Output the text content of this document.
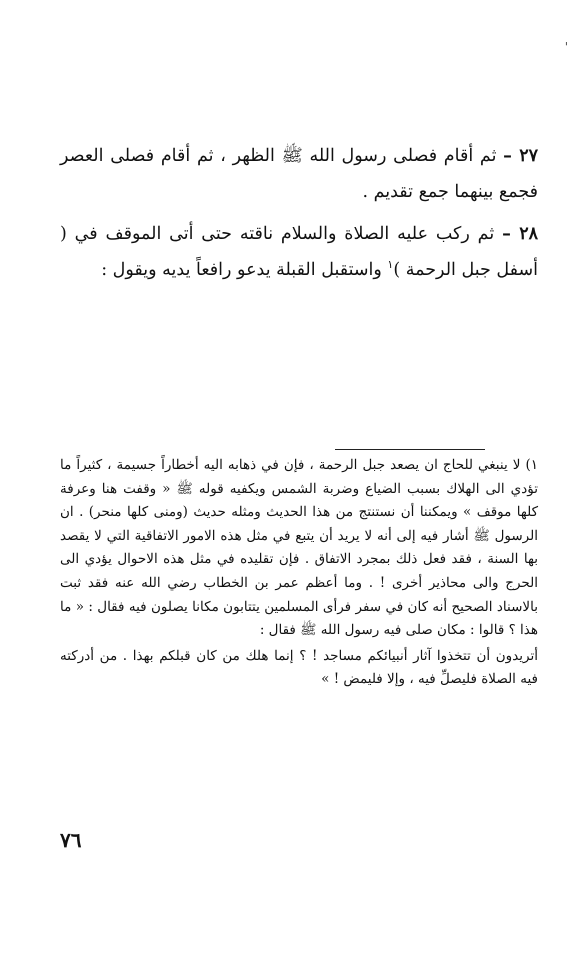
'

٢٧ – ثم أقام فصلى رسول الله ﷺ الظهر ، ثم أقام فصلى العصر فجمع بينهما جمع تقديم .

٢٨ – ثم ركب عليه الصلاة والسلام ناقته حتى أتى الموقف في ( أسفل جبل الرحمة )$^١$ واستقبل القبلة يدعو رافعاً يديه ويقول :

١) لا ينبغي للحاج ان يصعد جبل الرحمة ، فإن في ذهابه اليه أخطاراً جسيمة ، كثيراً ما تؤدي الى الهلاك بسبب الضياع وضربة الشمس ويكفيه قوله ﷺ « وقفت هنا وعرفة كلها موقف » ويمكننا أن نستنتج من هذا الحديث ومثله حديث (ومنى كلها منحر) . ان الرسول ﷺ أشار فيه إلى أنه لا يريد أن يتبع في مثل هذه الامور الاتفاقية التي لا يقصد بها السنة ، فقد فعل ذلك بمجرد الاتفاق . فإن تقليده في مثل هذه الاحوال يؤدي الى الحرج والى محاذير أخرى ! . وما أعظم عمر بن الخطاب رضي الله عنه فقد ثبت بالاسناد الصحيح أنه كان في سفر فرأى المسلمين يتتابون مكانا يصلون فيه فقال : « ما هذا ؟ قالوا : مكان صلى فيه رسول الله ﷺ فقال :

أتريدون أن تتخذوا آثار أنبيائكم مساجد ! ؟ إنما هلك من كان قبلكم بهذا . من أدركته فيه الصلاة فليصلِّ فيه ، وإلا فليمض ! »

٧٦
